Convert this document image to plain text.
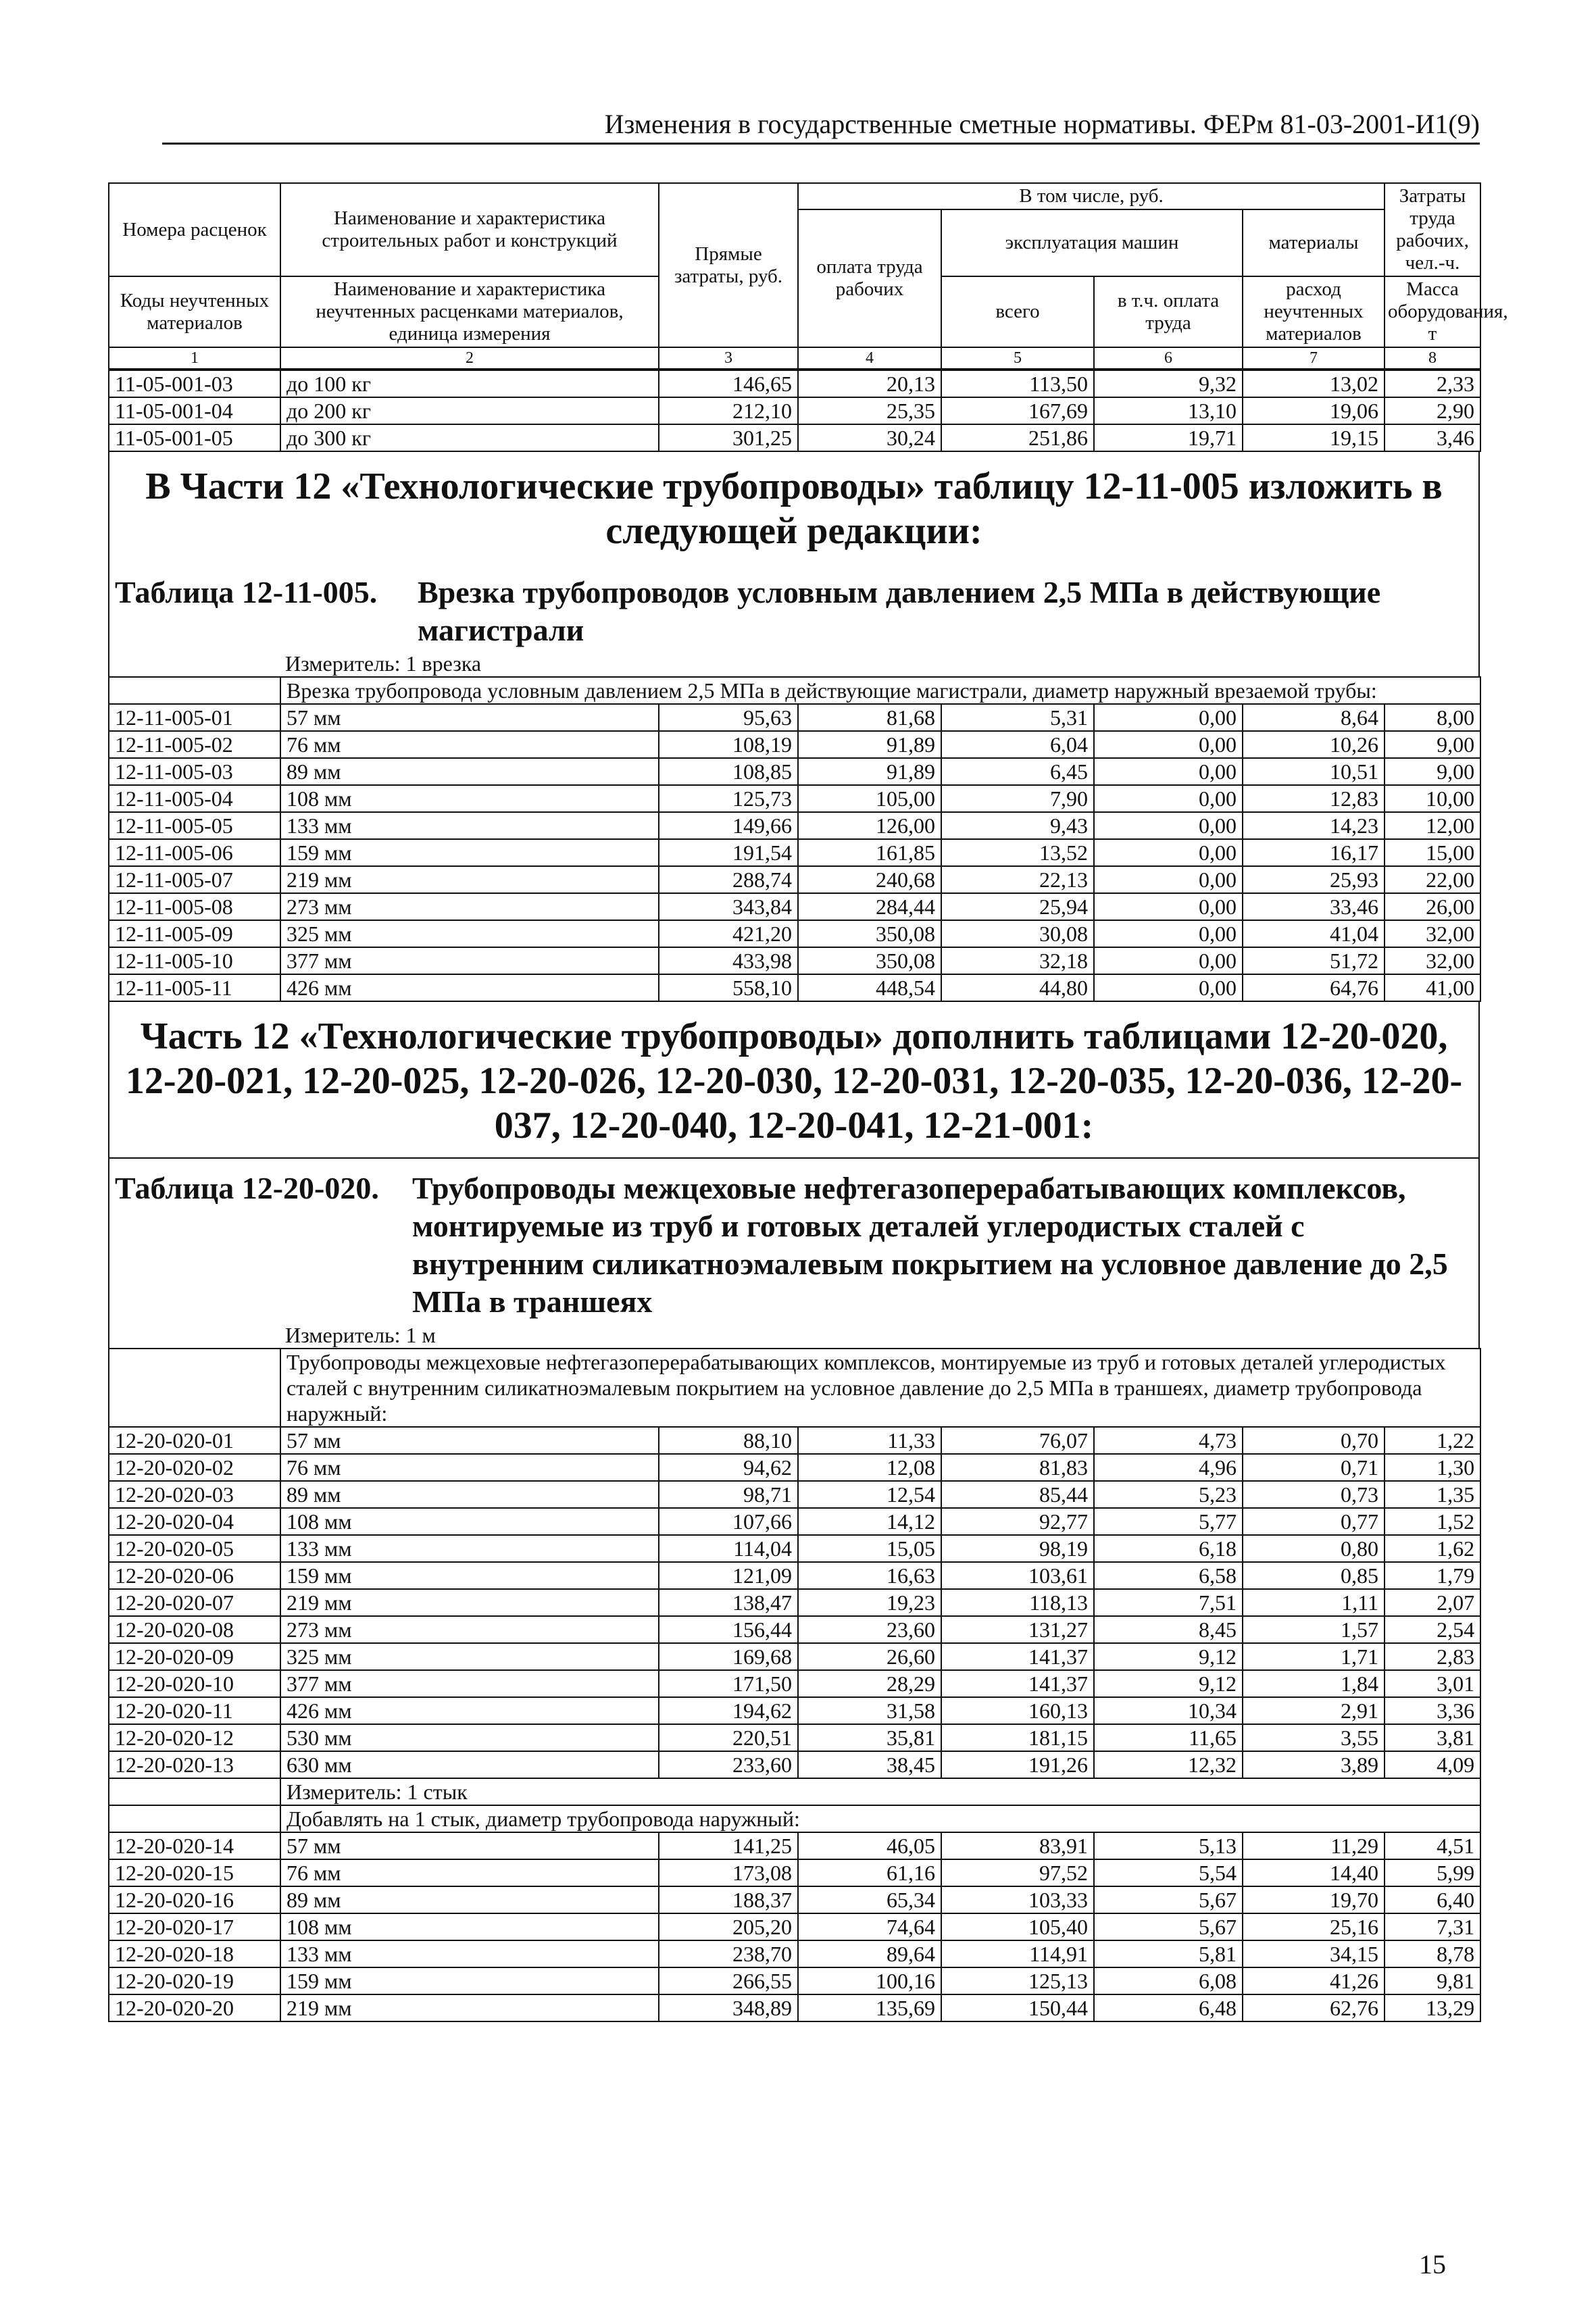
Изменения в государственные сметные нормативы. ФЕРм 81-03-2001-И1(9)
Номера расценок	Наименование и характеристика строительных работ и конструкций	Прямые затраты, руб.	В том числе, руб.				Затраты труда рабочих, чел.-ч.
			оплата труда рабочих	эксплуатация машин		материалы	

Коды неучтенных материалов	Наименование и характеристика неучтенных расценками материалов, единица измерения			всего	в т.ч. оплата труда	расход неучтенных материалов	Масса оборудования, т

1	2	3	4	5	6	7	8
11-05-001-03	до 100 кг	146,65	20,13	113,50	9,32	13,02	2,33
11-05-001-04	до 200 кг	212,10	25,35	167,69	13,10	19,06	2,90
11-05-001-05	до 300 кг	301,25	30,24	251,86	19,71	19,15	3,46
В Части 12 «Технологические трубопроводы» таблицу 12-11-005 изложить в следующей редакции:
Таблица 12-11-005. Врезка трубопроводов условным давлением 2,5 МПа в действующие магистрали
Измеритель: 1 врезка
	Врезка трубопровода условным давлением 2,5 МПа в действующие магистрали, диаметр наружный врезаемой трубы:						
12-11-005-01	57 мм	95,63	81,68	5,31	0,00	8,64	8,00
12-11-005-02	76 мм	108,19	91,89	6,04	0,00	10,26	9,00
12-11-005-03	89 мм	108,85	91,89	6,45	0,00	10,51	9,00
12-11-005-04	108 мм	125,73	105,00	7,90	0,00	12,83	10,00
12-11-005-05	133 мм	149,66	126,00	9,43	0,00	14,23	12,00
12-11-005-06	159 мм	191,54	161,85	13,52	0,00	16,17	15,00
12-11-005-07	219 мм	288,74	240,68	22,13	0,00	25,93	22,00
12-11-005-08	273 мм	343,84	284,44	25,94	0,00	33,46	26,00
12-11-005-09	325 мм	421,20	350,08	30,08	0,00	41,04	32,00
12-11-005-10	377 мм	433,98	350,08	32,18	0,00	51,72	32,00
12-11-005-11	426 мм	558,10	448,54	44,80	0,00	64,76	41,00
Часть 12 «Технологические трубопроводы» дополнить таблицами 12-20-020, 12-20-021, 12-20-025, 12-20-026, 12-20-030, 12-20-031, 12-20-035, 12-20-036, 12-20-037, 12-20-040, 12-20-041, 12-21-001:
Таблица 12-20-020. Трубопроводы межцеховые нефтегазоперерабатывающих комплексов, монтируемые из труб и готовых деталей углеродистых сталей с внутренним силикатноэмалевым покрытием на условное давление до 2,5 МПа в траншеях
Измеритель: 1 м
	Трубопроводы межцеховые нефтегазоперерабатывающих комплексов, монтируемые из труб и готовых деталей углеродистых сталей с внутренним силикатноэмалевым покрытием на условное давление до 2,5 МПа в траншеях, диаметр трубопровода наружный:						
12-20-020-01	57 мм	88,10	11,33	76,07	4,73	0,70	1,22
12-20-020-02	76 мм	94,62	12,08	81,83	4,96	0,71	1,30
12-20-020-03	89 мм	98,71	12,54	85,44	5,23	0,73	1,35
12-20-020-04	108 мм	107,66	14,12	92,77	5,77	0,77	1,52
12-20-020-05	133 мм	114,04	15,05	98,19	6,18	0,80	1,62
12-20-020-06	159 мм	121,09	16,63	103,61	6,58	0,85	1,79
12-20-020-07	219 мм	138,47	19,23	118,13	7,51	1,11	2,07
12-20-020-08	273 мм	156,44	23,60	131,27	8,45	1,57	2,54
12-20-020-09	325 мм	169,68	26,60	141,37	9,12	1,71	2,83
12-20-020-10	377 мм	171,50	28,29	141,37	9,12	1,84	3,01
12-20-020-11	426 мм	194,62	31,58	160,13	10,34	2,91	3,36
12-20-020-12	530 мм	220,51	35,81	181,15	11,65	3,55	3,81
12-20-020-13	630 мм	233,60	38,45	191,26	12,32	3,89	4,09
	Измеритель: 1 стык						
	Добавлять на 1 стык, диаметр трубопровода наружный:						
12-20-020-14	57 мм	141,25	46,05	83,91	5,13	11,29	4,51
12-20-020-15	76 мм	173,08	61,16	97,52	5,54	14,40	5,99
12-20-020-16	89 мм	188,37	65,34	103,33	5,67	19,70	6,40
12-20-020-17	108 мм	205,20	74,64	105,40	5,67	25,16	7,31
12-20-020-18	133 мм	238,70	89,64	114,91	5,81	34,15	8,78
12-20-020-19	159 мм	266,55	100,16	125,13	6,08	41,26	9,81
12-20-020-20	219 мм	348,89	135,69	150,44	6,48	62,76	13,29
15
